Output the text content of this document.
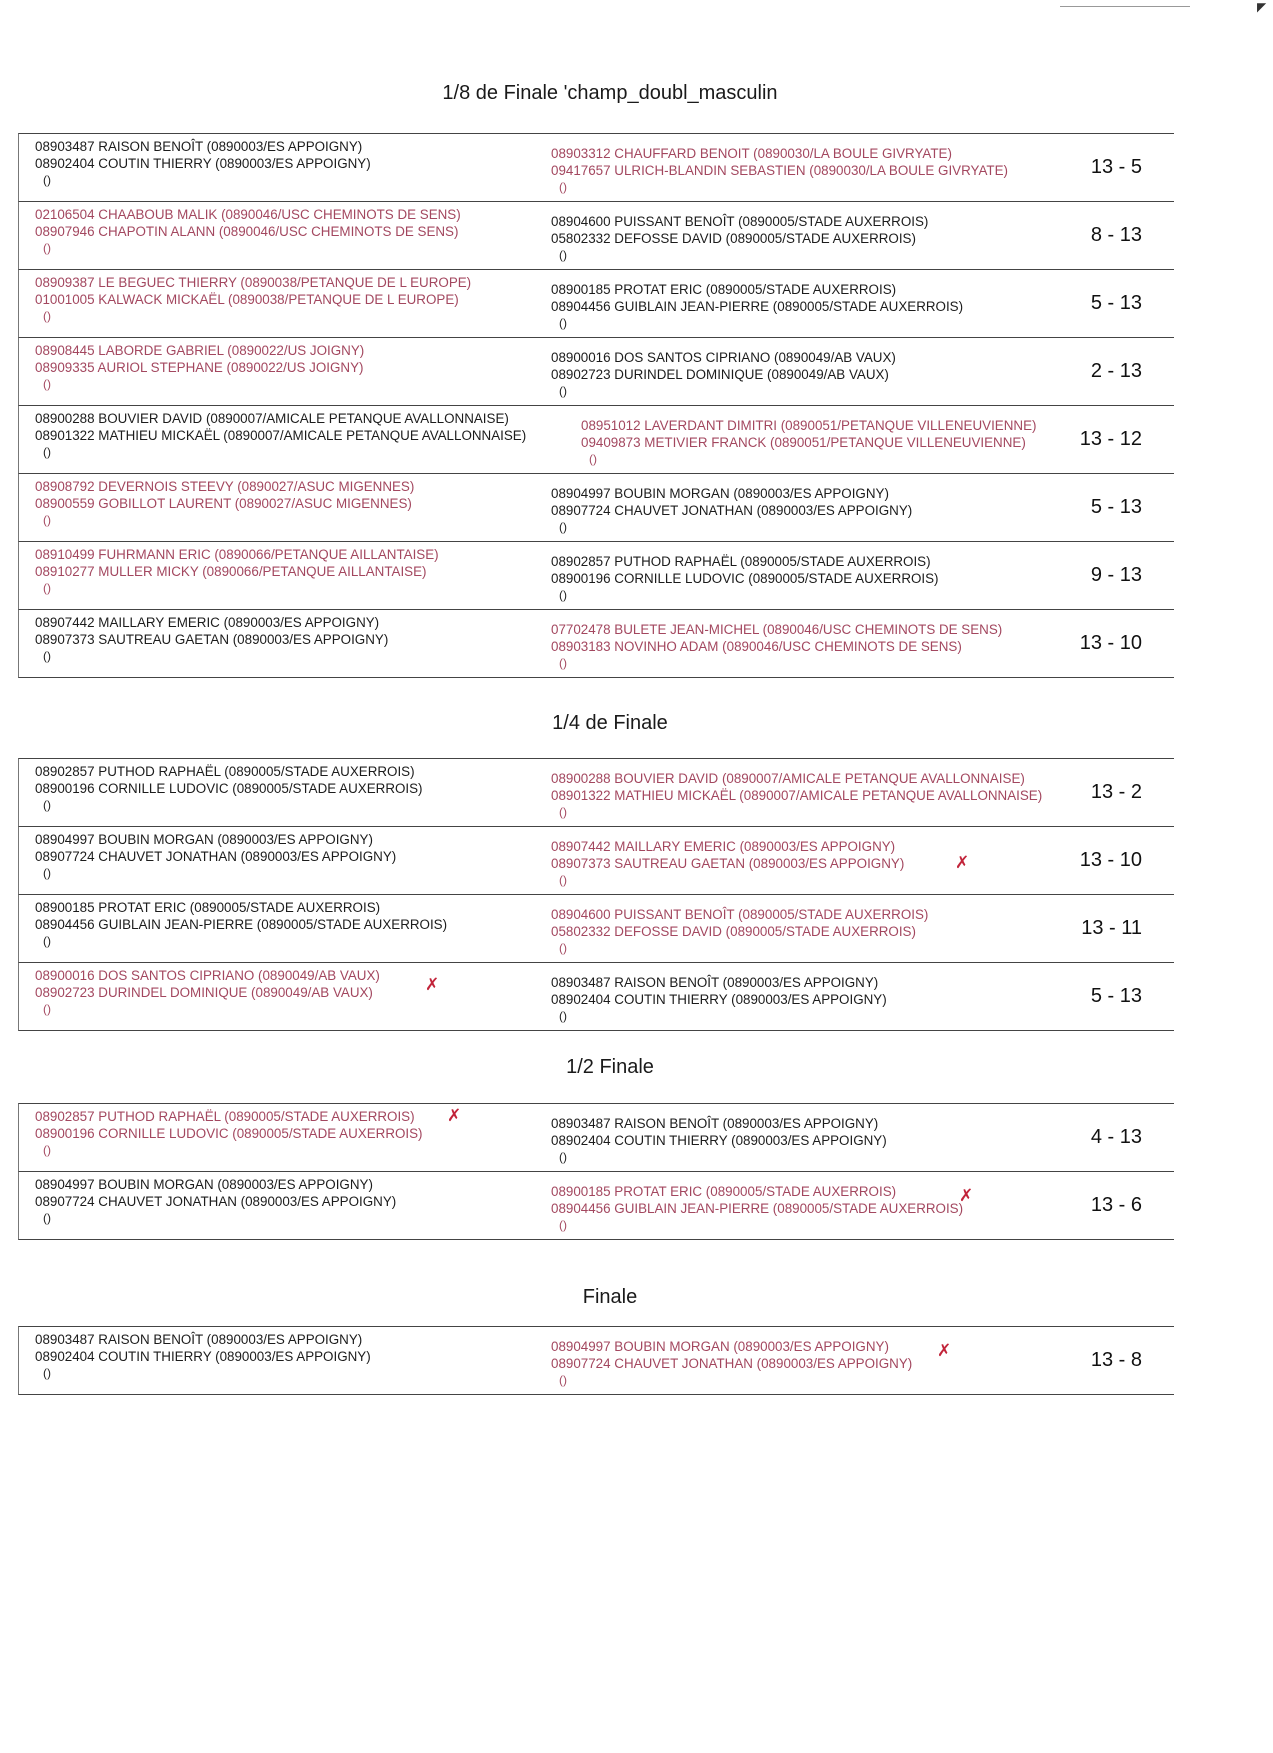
◤
1/8 de Finale 'champ_doubl_masculin
08903487 RAISON BENOÎT (0890003/ES APPOIGNY)
08902404 COUTIN THIERRY (0890003/ES APPOIGNY)
()
08903312 CHAUFFARD BENOIT (0890030/LA BOULE GIVRYATE)
09417657 ULRICH-BLANDIN SEBASTIEN (0890030/LA BOULE GIVRYATE)
()
13 - 5
02106504 CHAABOUB MALIK (0890046/USC CHEMINOTS DE SENS)
08907946 CHAPOTIN ALANN (0890046/USC CHEMINOTS DE SENS)
()
08904600 PUISSANT BENOÎT (0890005/STADE AUXERROIS)
05802332 DEFOSSE DAVID (0890005/STADE AUXERROIS)
()
8 - 13
08909387 LE BEGUEC THIERRY (0890038/PETANQUE DE L EUROPE)
01001005 KALWACK MICKAËL (0890038/PETANQUE DE L EUROPE)
()
08900185 PROTAT ERIC (0890005/STADE AUXERROIS)
08904456 GUIBLAIN JEAN-PIERRE (0890005/STADE AUXERROIS)
()
5 - 13
08908445 LABORDE GABRIEL (0890022/US JOIGNY)
08909335 AURIOL STEPHANE (0890022/US JOIGNY)
()
08900016 DOS SANTOS CIPRIANO (0890049/AB VAUX)
08902723 DURINDEL DOMINIQUE (0890049/AB VAUX)
()
2 - 13
08900288 BOUVIER DAVID (0890007/AMICALE PETANQUE AVALLONNAISE)
08901322 MATHIEU MICKAËL (0890007/AMICALE PETANQUE AVALLONNAISE)
()
08951012 LAVERDANT DIMITRI (0890051/PETANQUE VILLENEUVIENNE)
09409873 METIVIER FRANCK (0890051/PETANQUE VILLENEUVIENNE)
()
13 - 12
08908792 DEVERNOIS STEEVY (0890027/ASUC MIGENNES)
08900559 GOBILLOT LAURENT (0890027/ASUC MIGENNES)
()
08904997 BOUBIN MORGAN (0890003/ES APPOIGNY)
08907724 CHAUVET JONATHAN (0890003/ES APPOIGNY)
()
5 - 13
08910499 FUHRMANN ERIC (0890066/PETANQUE AILLANTAISE)
08910277 MULLER MICKY (0890066/PETANQUE AILLANTAISE)
()
08902857 PUTHOD RAPHAËL (0890005/STADE AUXERROIS)
08900196 CORNILLE LUDOVIC (0890005/STADE AUXERROIS)
()
9 - 13
08907442 MAILLARY EMERIC (0890003/ES APPOIGNY)
08907373 SAUTREAU GAETAN (0890003/ES APPOIGNY)
()
07702478 BULETE JEAN-MICHEL (0890046/USC CHEMINOTS DE SENS)
08903183 NOVINHO ADAM (0890046/USC CHEMINOTS DE SENS)
()
13 - 10
1/4 de Finale
08902857 PUTHOD RAPHAËL (0890005/STADE AUXERROIS)
08900196 CORNILLE LUDOVIC (0890005/STADE AUXERROIS)
()
08900288 BOUVIER DAVID (0890007/AMICALE PETANQUE AVALLONNAISE)
08901322 MATHIEU MICKAËL (0890007/AMICALE PETANQUE AVALLONNAISE)
()
13 - 2
08904997 BOUBIN MORGAN (0890003/ES APPOIGNY)
08907724 CHAUVET JONATHAN (0890003/ES APPOIGNY)
()
08907442 MAILLARY EMERIC (0890003/ES APPOIGNY)
08907373 SAUTREAU GAETAN (0890003/ES APPOIGNY)
()
✗	13 - 10
08900185 PROTAT ERIC (0890005/STADE AUXERROIS)
08904456 GUIBLAIN JEAN-PIERRE (0890005/STADE AUXERROIS)
()
08904600 PUISSANT BENOÎT (0890005/STADE AUXERROIS)
05802332 DEFOSSE DAVID (0890005/STADE AUXERROIS)
()
13 - 11
08900016 DOS SANTOS CIPRIANO (0890049/AB VAUX)
08902723 DURINDEL DOMINIQUE (0890049/AB VAUX)
()
✗	08903487 RAISON BENOÎT (0890003/ES APPOIGNY)
08902404 COUTIN THIERRY (0890003/ES APPOIGNY)
()
5 - 13
1/2 Finale
08902857 PUTHOD RAPHAËL (0890005/STADE AUXERROIS)
08900196 CORNILLE LUDOVIC (0890005/STADE AUXERROIS)
()
✗	08903487 RAISON BENOÎT (0890003/ES APPOIGNY)
08902404 COUTIN THIERRY (0890003/ES APPOIGNY)
()
4 - 13
08904997 BOUBIN MORGAN (0890003/ES APPOIGNY)
08907724 CHAUVET JONATHAN (0890003/ES APPOIGNY)
()
08900185 PROTAT ERIC (0890005/STADE AUXERROIS)
08904456 GUIBLAIN JEAN-PIERRE (0890005/STADE AUXERROIS)
()
✗	13 - 6
Finale
08903487 RAISON BENOÎT (0890003/ES APPOIGNY)
08902404 COUTIN THIERRY (0890003/ES APPOIGNY)
()
08904997 BOUBIN MORGAN (0890003/ES APPOIGNY)
08907724 CHAUVET JONATHAN (0890003/ES APPOIGNY)
()
✗	13 - 8
